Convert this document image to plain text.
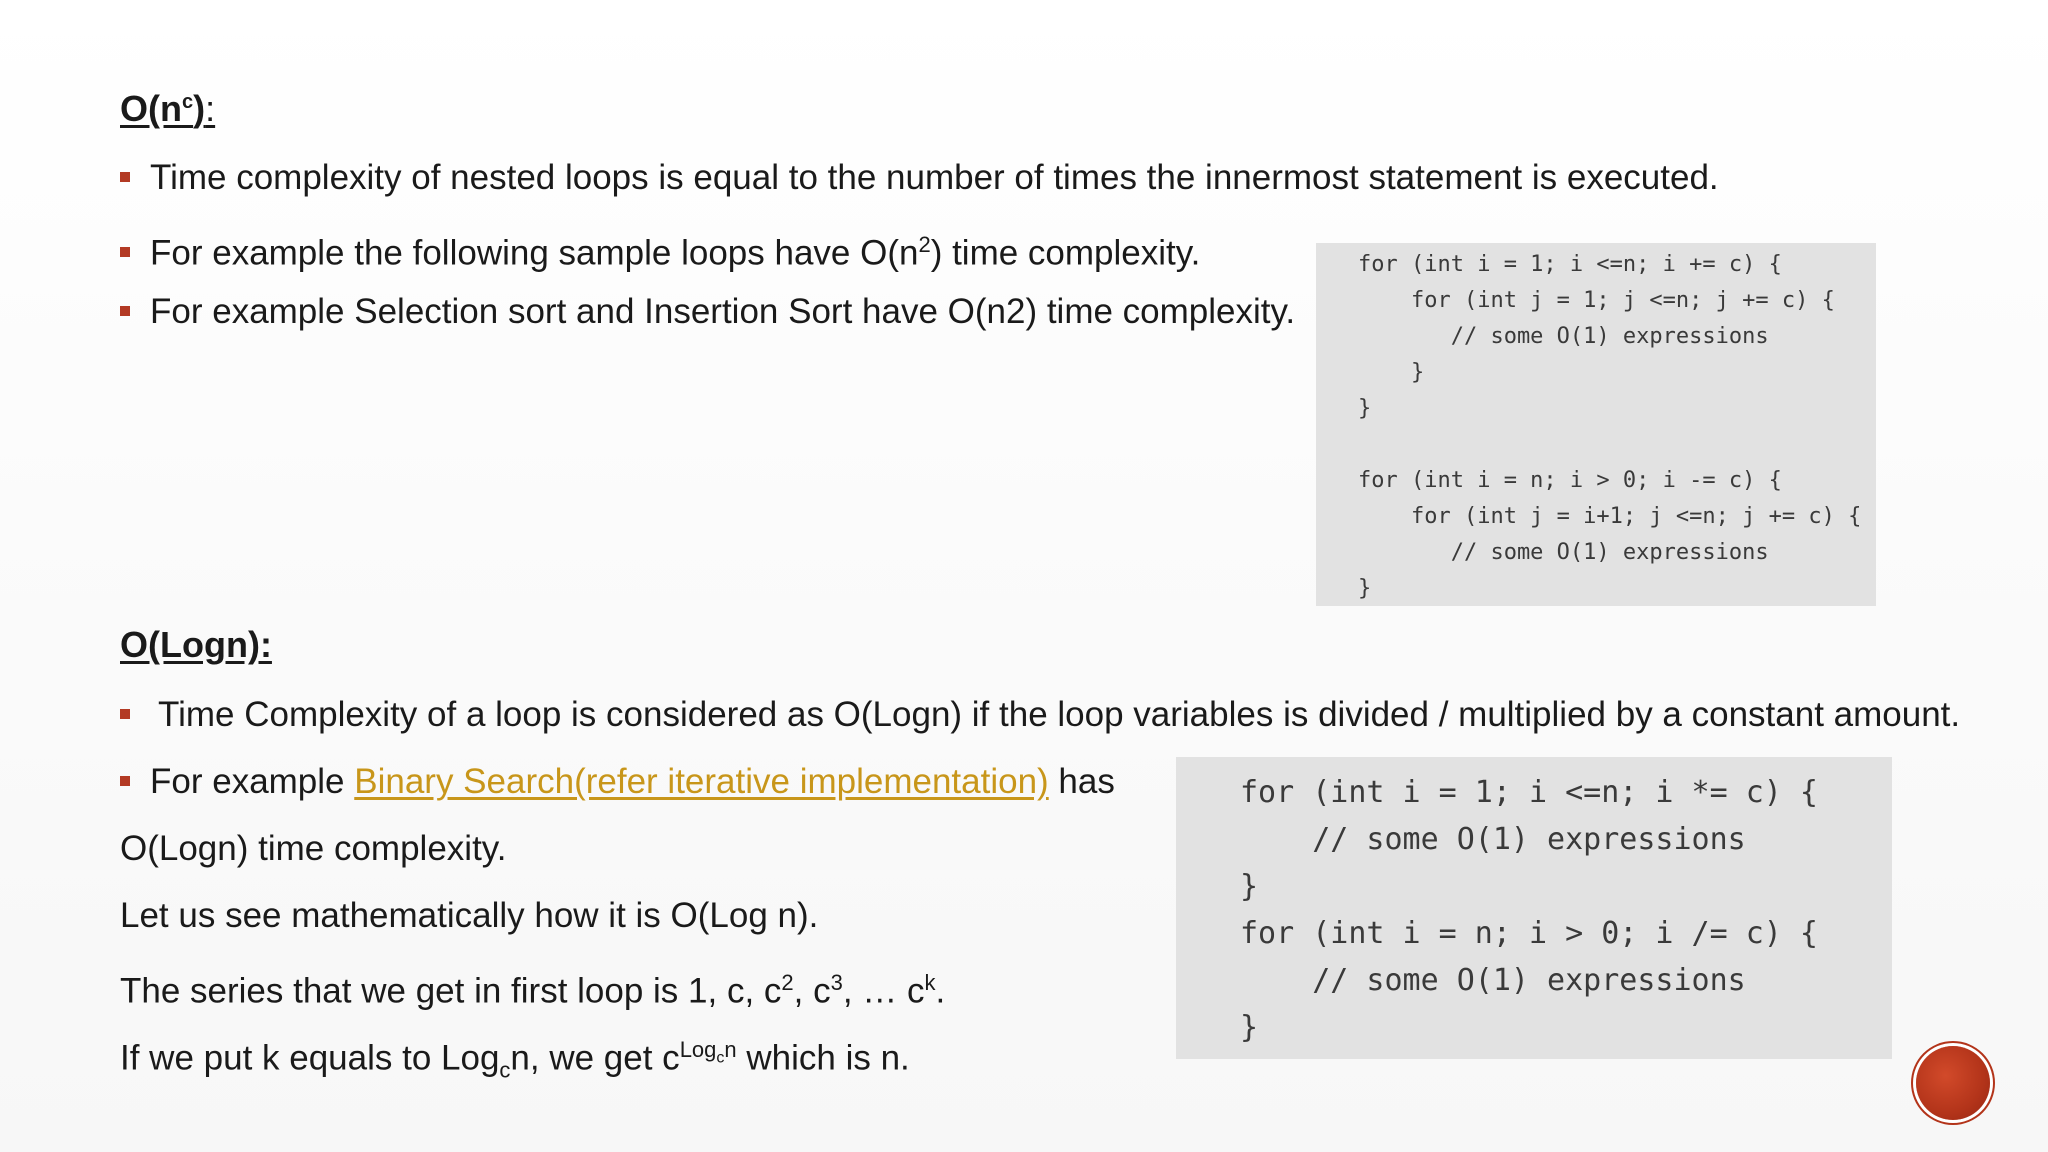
$O(n^c)$:
Time complexity of nested loops is equal to the number of times the innermost statement is executed.
For example the following sample loops have $O(n^2)$ time complexity.
For example Selection sort and Insertion Sort have O(n2) time complexity.

for (int i = 1; i <=n; i += c) {
for (int j = 1; j <=n; j += c) {
// some O(1) expressions
}
}

for (int i = n; i > 0; i -= c) {
for (int j = i+1; j <=n; j += c) {
// some O(1) expressions
}

O(Logn):
Time Complexity of a loop is considered as O(Logn) if the loop variables is divided / multiplied by a constant amount.
For example Binary Search(refer iterative implementation) has
O(Logn) time complexity.
Let us see mathematically how it is O(Log n).
The series that we get in first loop is 1, c, $c^2$, $c^3$, … $c^k$.
If we put k equals to Log$_c$n, we get $c^{Log_cn}$ which is n.

for (int i = 1; i <=n; i *= c) {
// some O(1) expressions
}
for (int i = n; i > 0; i /= c) {
// some O(1) expressions
}
